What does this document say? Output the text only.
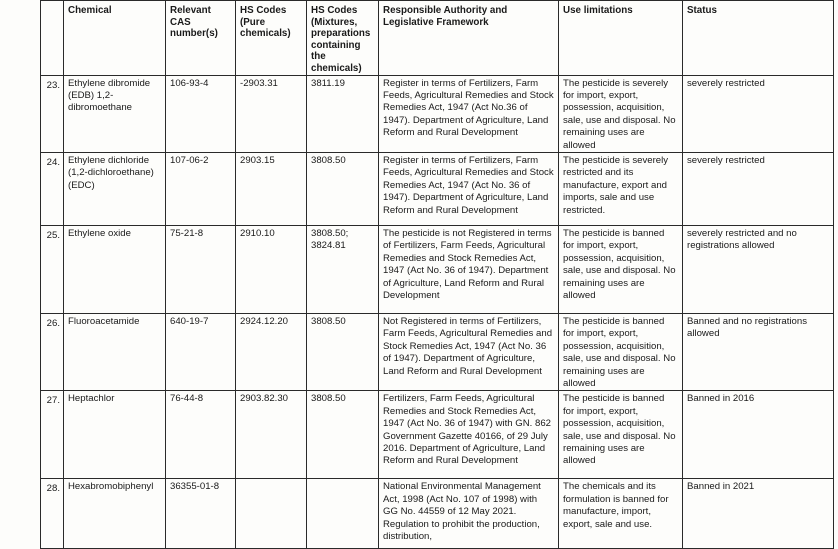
	Chemical	Relevant CAS number(s)	HS Codes (Pure chemicals)	HS Codes (Mixtures, preparations containing the chemicals)	Responsible Authority and Legislative Framework	Use limitations	Status
23.	Ethylene dibromide (EDB) 1,2-dibromoethane	106-93-4	-2903.31	3811.19	Register in terms of Fertilizers, Farm Feeds, Agricultural Remedies and Stock Remedies Act, 1947 (Act No.36 of 1947). Department of Agriculture, Land Reform and Rural Development	The pesticide is severely for import, export, possession, acquisition, sale, use and disposal. No remaining uses are allowed	severely restricted
24.	Ethylene dichloride (1,2-dichloroethane) (EDC)	107-06-2	2903.15	3808.50	Register in terms of Fertilizers, Farm Feeds, Agricultural Remedies and Stock Remedies Act, 1947 (Act No. 36 of 1947). Department of Agriculture, Land Reform and Rural Development	The pesticide is severely restricted and its manufacture, export and imports, sale and use restricted.	severely restricted
25.	Ethylene oxide	75-21-8	2910.10	3808.50; 3824.81	The pesticide is not Registered in terms of Fertilizers, Farm Feeds, Agricultural Remedies and Stock Remedies Act, 1947 (Act No. 36 of 1947). Department of Agriculture, Land Reform and Rural Development	The pesticide is banned for import, export, possession, acquisition, sale, use and disposal. No remaining uses are allowed	severely restricted and no registrations allowed
26.	Fluoroacetamide	640-19-7	2924.12.20	3808.50	Not Registered in terms of Fertilizers, Farm Feeds, Agricultural Remedies and Stock Remedies Act, 1947 (Act No. 36 of 1947). Department of Agriculture, Land Reform and Rural Development	The pesticide is banned for import, export, possession, acquisition, sale, use and disposal. No remaining uses are allowed	Banned and no registrations allowed
27.	Heptachlor	76-44-8	2903.82.30	3808.50	Fertilizers, Farm Feeds, Agricultural Remedies and Stock Remedies Act, 1947 (Act No. 36 of 1947) with GN. 862 Government Gazette 40166, of 29 July 2016. Department of Agriculture, Land Reform and Rural Development	The pesticide is banned for import, export, possession, acquisition, sale, use and disposal. No remaining uses are allowed	Banned in 2016
28.	Hexabromobiphenyl	36355-01-8			National Environmental Management Act, 1998 (Act No. 107 of 1998) with GG No. 44559 of 12 May 2021. Regulation to prohibit the production, distribution,	The chemicals and its formulation is banned for manufacture, import, export, sale and use.	Banned in 2021
